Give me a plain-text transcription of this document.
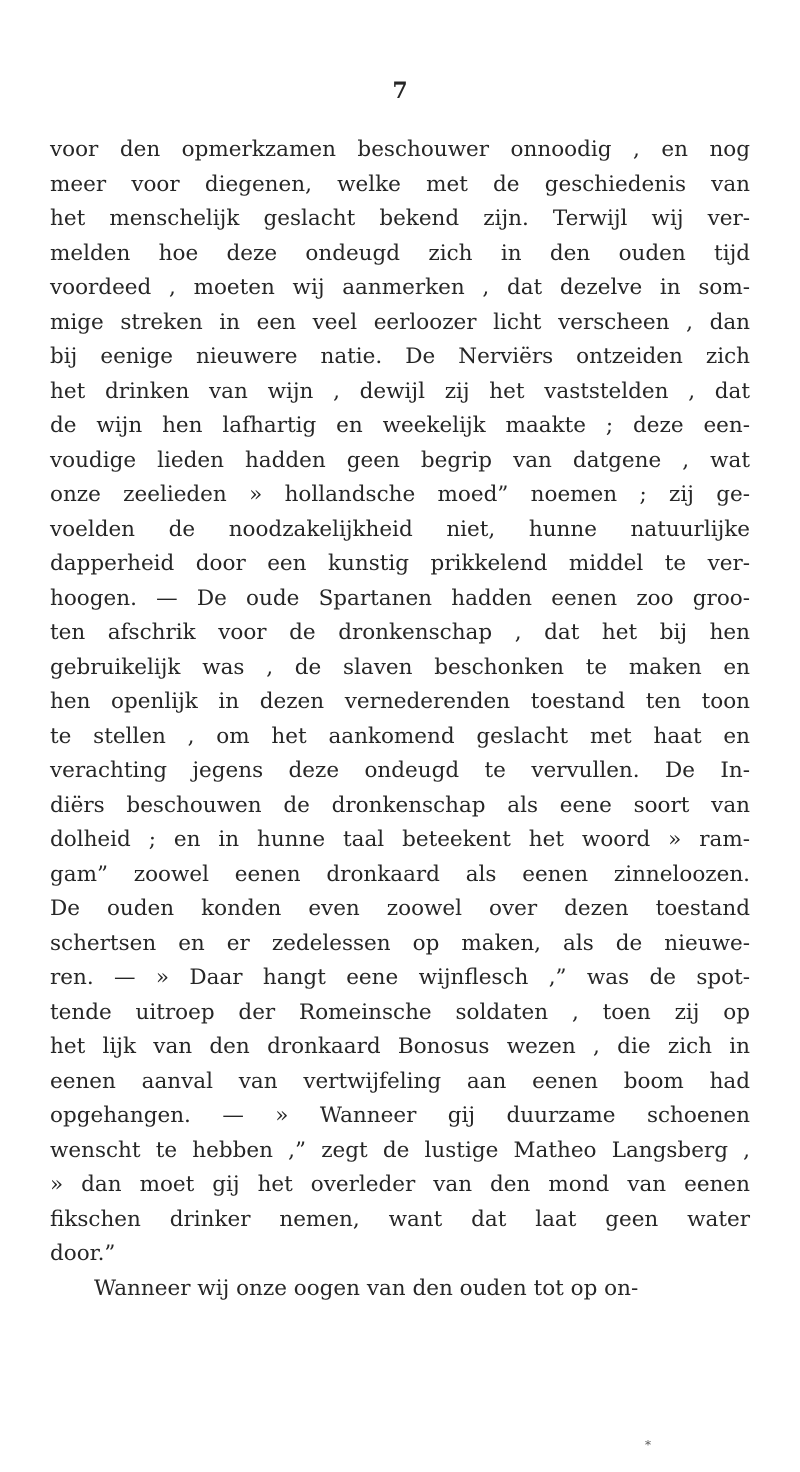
7
voor den opmerkzamen beschouwer onnoodig , en nog
meer voor diegenen, welke met de geschiedenis van
het menschelijk geslacht bekend zijn. Terwijl wij ver-
melden hoe deze ondeugd zich in den ouden tijd
voordeed , moeten wij aanmerken , dat dezelve in som-
mige streken in een veel eerloozer licht verscheen , dan
bij eenige nieuwere natie. De Nerviërs ontzeiden zich
het drinken van wijn , dewijl zij het vaststelden , dat
de wijn hen lafhartig en weekelijk maakte ; deze een-
voudige lieden hadden geen begrip van datgene , wat
onze zeelieden » hollandsche moed” noemen ; zij ge-
voelden de noodzakelijkheid niet, hunne natuurlijke
dapperheid door een kunstig prikkelend middel te ver-
hoogen. — De oude Spartanen hadden eenen zoo groo-
ten afschrik voor de dronkenschap , dat het bij hen
gebruikelijk was , de slaven beschonken te maken en
hen openlijk in dezen vernederenden toestand ten toon
te stellen , om het aankomend geslacht met haat en
verachting jegens deze ondeugd te vervullen. De In-
diërs beschouwen de dronkenschap als eene soort van
dolheid ; en in hunne taal beteekent het woord » ram-
gam” zoowel eenen dronkaard als eenen zinneloozen.
De ouden konden even zoowel over dezen toestand
schertsen en er zedelessen op maken, als de nieuwe-
ren. — » Daar hangt eene wijnflesch ,” was de spot-
tende uitroep der Romeinsche soldaten , toen zij op
het lijk van den dronkaard Bonosus wezen , die zich in
eenen aanval van vertwijfeling aan eenen boom had
opgehangen. — » Wanneer gij duurzame schoenen
wenscht te hebben ,” zegt de lustige Matheo Langsberg ,
» dan moet gij het overleder van den mond van eenen
fikschen drinker nemen, want dat laat geen water
door.”
Wanneer wij onze oogen van den ouden tot op on-
*
